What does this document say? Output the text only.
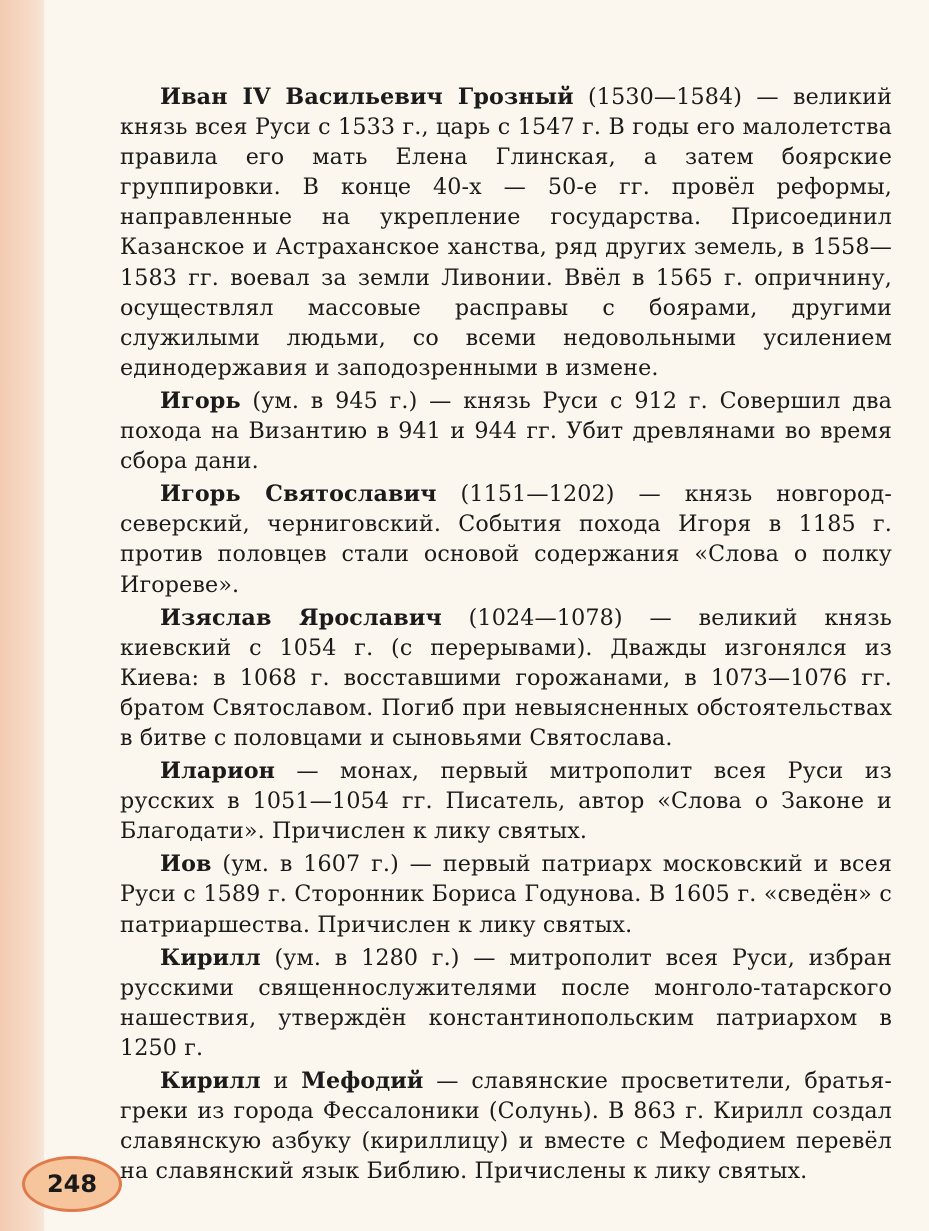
Иван IV Васильевич Грозный (1530—1584) — великий князь всея Руси с 1533 г., царь с 1547 г. В годы его малолетства правила его мать Елена Глинская, а затем боярские группировки. В конце 40-х — 50-е гг. провёл реформы, направленные на укрепление государства. Присоединил Казанское и Астраханское ханства, ряд других земель, в 1558—1583 гг. воевал за земли Ливонии. Ввёл в 1565 г. опричнину, осуществлял массовые расправы с боярами, другими служилыми людьми, со всеми недовольными усилением единодержавия и заподозренными в измене.

Игорь (ум. в 945 г.) — князь Руси с 912 г. Совершил два похода на Византию в 941 и 944 гг. Убит древлянами во время сбора дани.

Игорь Святославич (1151—1202) — князь новгород-северский, черниговский. События похода Игоря в 1185 г. против половцев стали основой содержания «Слова о полку Игореве».

Изяслав Ярославич (1024—1078) — великий князь киевский с 1054 г. (с перерывами). Дважды изгонялся из Киева: в 1068 г. восставшими горожанами, в 1073—1076 гг. братом Святославом. Погиб при невыясненных обстоятельствах в битве с половцами и сыновьями Святослава.

Иларион — монах, первый митрополит всея Руси из русских в 1051—1054 гг. Писатель, автор «Слова о Законе и Благодати». Причислен к лику святых.

Иов (ум. в 1607 г.) — первый патриарх московский и всея Руси с 1589 г. Сторонник Бориса Годунова. В 1605 г. «сведён» с патриаршества. Причислен к лику святых.

Кирилл (ум. в 1280 г.) — митрополит всея Руси, избран русскими священнослужителями после монголо-татарского нашествия, утверждён константинопольским патриархом в 1250 г.

Кирилл и Мефодий — славянские просветители, братья-греки из города Фессалоники (Солунь). В 863 г. Кирилл создал славянскую азбуку (кириллицу) и вместе с Мефодием перевёл на славянский язык Библию. Причислены к лику святых.

248
